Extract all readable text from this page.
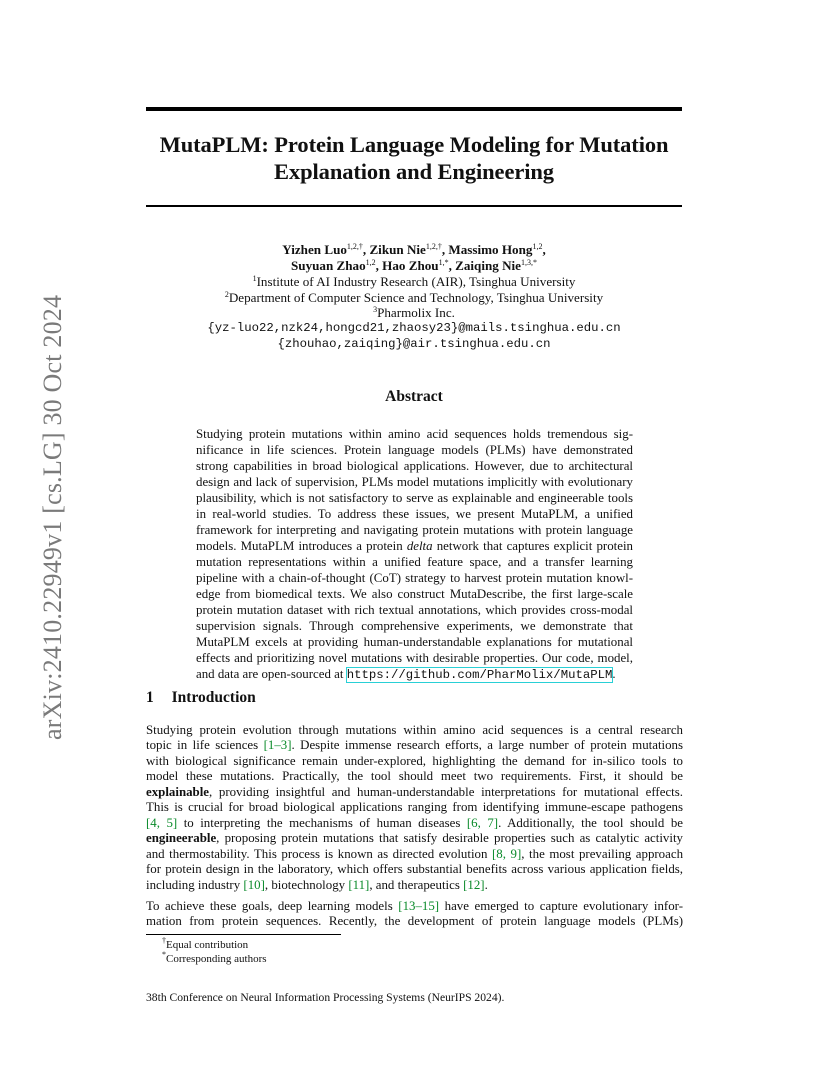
arXiv:2410.22949v1 [cs.LG] 30 Oct 2024
MutaPLM: Protein Language Modeling for Mutation
Explanation and Engineering
Yizhen Luo$^{1,2,\dagger}$, Zikun Nie$^{1,2,\dagger}$, Massimo Hong$^{1,2}$,
Suyuan Zhao$^{1,2}$, Hao Zhou$^{1,*}$, Zaiqing Nie$^{1,3,*}$
$^1$Institute of AI Industry Research (AIR), Tsinghua University
$^2$Department of Computer Science and Technology, Tsinghua University
$^3$Pharmolix Inc.
{yz-luo22,nzk24,hongcd21,zhaosy23}@mails.tsinghua.edu.cn
{zhouhao,zaiqing}@air.tsinghua.edu.cn
Abstract
Studying protein mutations within amino acid sequences holds tremendous sig-
nificance in life sciences. Protein language models (PLMs) have demonstrated
strong capabilities in broad biological applications. However, due to architectural
design and lack of supervision, PLMs model mutations implicitly with evolutionary
plausibility, which is not satisfactory to serve as explainable and engineerable tools
in real-world studies. To address these issues, we present MutaPLM, a unified
framework for interpreting and navigating protein mutations with protein language
models. MutaPLM introduces a protein delta network that captures explicit protein
mutation representations within a unified feature space, and a transfer learning
pipeline with a chain-of-thought (CoT) strategy to harvest protein mutation knowl-
edge from biomedical texts. We also construct MutaDescribe, the first large-scale
protein mutation dataset with rich textual annotations, which provides cross-modal
supervision signals. Through comprehensive experiments, we demonstrate that
MutaPLM excels at providing human-understandable explanations for mutational
effects and prioritizing novel mutations with desirable properties. Our code, model,
and data are open-sourced at https://github.com/PharMolix/MutaPLM.
1 Introduction
Studying protein evolution through mutations within amino acid sequences is a central research
topic in life sciences [1–3]. Despite immense research efforts, a large number of protein mutations
with biological significance remain under-explored, highlighting the demand for in-silico tools to
model these mutations. Practically, the tool should meet two requirements. First, it should be
explainable, providing insightful and human-understandable interpretations for mutational effects.
This is crucial for broad biological applications ranging from identifying immune-escape pathogens
[4, 5] to interpreting the mechanisms of human diseases [6, 7]. Additionally, the tool should be
engineerable, proposing protein mutations that satisfy desirable properties such as catalytic activity
and thermostability. This process is known as directed evolution [8, 9], the most prevailing approach
for protein design in the laboratory, which offers substantial benefits across various application fields,
including industry [10], biotechnology [11], and therapeutics [12].
To achieve these goals, deep learning models [13–15] have emerged to capture evolutionary infor-
mation from protein sequences. Recently, the development of protein language models (PLMs)
†Equal contribution
*Corresponding authors
38th Conference on Neural Information Processing Systems (NeurIPS 2024).
